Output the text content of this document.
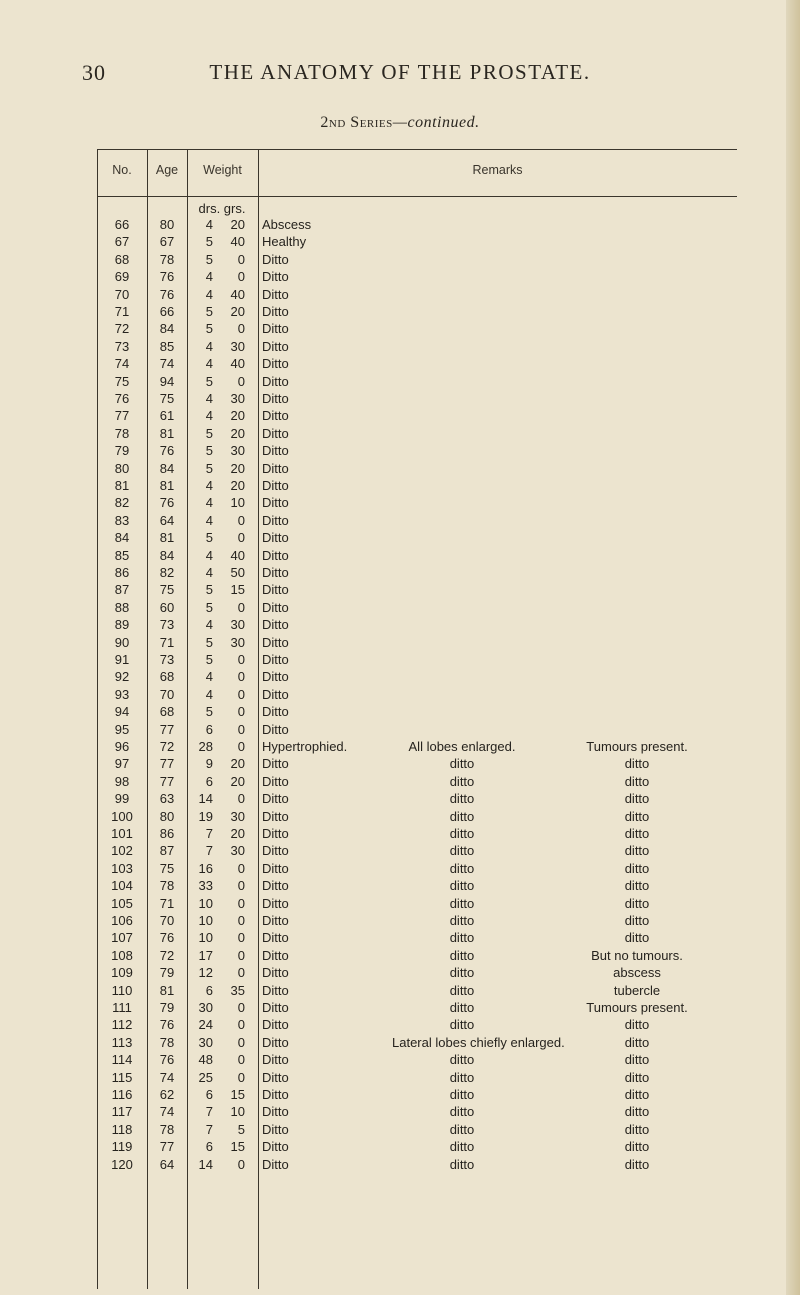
30	THE ANATOMY OF THE PROSTATE.
2nd Series—continued.
No.	Age	Weight	Remarks
drs. grs.
66	80	4	20 Abscess
67	67	5	40 Healthy
68	78	5	0 Ditto
69	76	4	0 Ditto
70	76	4	40 Ditto
71	66	5	20 Ditto
72	84	5	0 Ditto
73	85	4	30 Ditto
74	74	4	40 Ditto
75	94	5	0 Ditto
76	75	4	30 Ditto
77	61	4	20 Ditto
78	81	5	20 Ditto
79	76	5	30 Ditto
80	84	5	20 Ditto
81	81	4	20 Ditto
82	76	4	10 Ditto
83	64	4	0 Ditto
84	81	5	0 Ditto
85	84	4	40 Ditto
86	82	4	50 Ditto
87	75	5	15 Ditto
88	60	5	0 Ditto
89	73	4	30 Ditto
90	71	5	30 Ditto
91	73	5	0 Ditto
92	68	4	0 Ditto
93	70	4	0 Ditto
94	68	5	0 Ditto
95	77	6	0 Ditto
96	72	28	0 Hypertrophied.	All lobes enlarged.	Tumours present.
97	77	9	20 Ditto	ditto	ditto
98	77	6	20 Ditto	ditto	ditto
99	63	14	0 Ditto	ditto	ditto
100	80	19	30 Ditto	ditto	ditto
101	86	7	20 Ditto	ditto	ditto
102	87	7	30 Ditto	ditto	ditto
103	75	16	0 Ditto	ditto	ditto
104	78	33	0 Ditto	ditto	ditto
105	71	10	0 Ditto	ditto	ditto
106	70	10	0 Ditto	ditto	ditto
107	76	10	0 Ditto	ditto	ditto
108	72	17	0 Ditto	ditto	But no tumours.
109	79	12	0 Ditto	ditto	abscess
110	81	6	35 Ditto	ditto	tubercle
111	79	30	0 Ditto	ditto	Tumours present.
112	76	24	0 Ditto	ditto	ditto
113	78	30	0 Ditto	Lateral lobes chiefly enlarged.	ditto
114	76	48	0 Ditto	ditto	ditto
115	74	25	0 Ditto	ditto	ditto
116	62	6	15 Ditto	ditto	ditto
117	74	7	10 Ditto	ditto	ditto
118	78	7	5 Ditto	ditto	ditto
119	77	6	15 Ditto	ditto	ditto
120	64	14	0 Ditto	ditto	ditto
